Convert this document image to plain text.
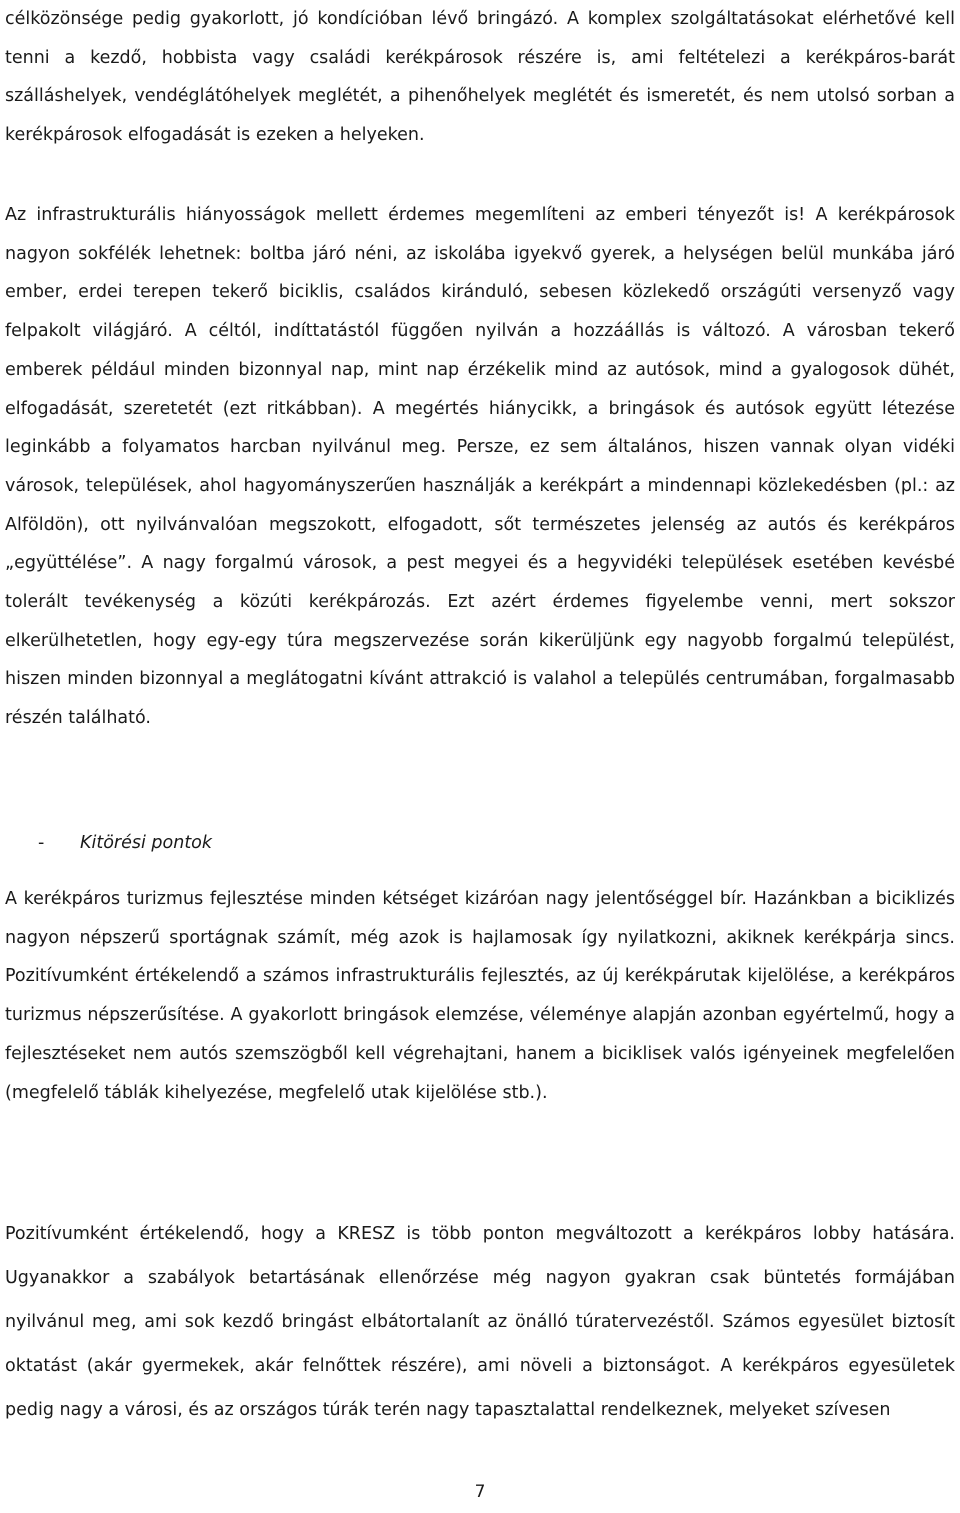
célközönsége pedig gyakorlott, jó kondícióban lévő bringázó. A komplex szolgáltatásokat elérhetővé kell tenni a kezdő, hobbista vagy családi kerékpárosok részére is, ami feltételezi a kerékpáros-barát szálláshelyek, vendéglátóhelyek meglétét, a pihenőhelyek meglétét és ismeretét, és nem utolsó sorban a kerékpárosok elfogadását is ezeken a helyeken.

Az infrastrukturális hiányosságok mellett érdemes megemlíteni az emberi tényezőt is! A kerékpárosok nagyon sokfélék lehetnek: boltba járó néni, az iskolába igyekvő gyerek, a helységen belül munkába járó ember, erdei terepen tekerő biciklis, családos kiránduló, sebesen közlekedő országúti versenyző vagy felpakolt világjáró. A céltól, indíttatástól függően nyilván a hozzáállás is változó. A városban tekerő emberek például minden bizonnyal nap, mint nap érzékelik mind az autósok, mind a gyalogosok dühét, elfogadását, szeretetét (ezt ritkábban). A megértés hiánycikk, a bringások és autósok együtt létezése leginkább a folyamatos harcban nyilvánul meg. Persze, ez sem általános, hiszen vannak olyan vidéki városok, települések, ahol hagyományszerűen használják a kerékpárt a mindennapi közlekedésben (pl.: az Alföldön), ott nyilvánvalóan megszokott, elfogadott, sőt természetes jelenség az autós és kerékpáros „együttélése”. A nagy forgalmú városok, a pest megyei és a hegyvidéki települések esetében kevésbé tolerált tevékenység a közúti kerékpározás. Ezt azért érdemes figyelembe venni, mert sokszor elkerülhetetlen, hogy egy-egy túra megszervezése során kikerüljünk egy nagyobb forgalmú települést, hiszen minden bizonnyal a meglátogatni kívánt attrakció is valahol a település centrumában, forgalmasabb részén található.

- Kitörési pontok

A kerékpáros turizmus fejlesztése minden kétséget kizáróan nagy jelentőséggel bír. Hazánkban a biciklizés nagyon népszerű sportágnak számít, még azok is hajlamosak így nyilatkozni, akiknek kerékpárja sincs. Pozitívumként értékelendő a számos infrastrukturális fejlesztés, az új kerékpárutak kijelölése, a kerékpáros turizmus népszerűsítése. A gyakorlott bringások elemzése, véleménye alapján azonban egyértelmű, hogy a fejlesztéseket nem autós szemszögből kell végrehajtani, hanem a biciklisek valós igényeinek megfelelően (megfelelő táblák kihelyezése, megfelelő utak kijelölése stb.).

Pozitívumként értékelendő, hogy a KRESZ is több ponton megváltozott a kerékpáros lobby hatására. Ugyanakkor a szabályok betartásának ellenőrzése még nagyon gyakran csak büntetés formájában nyilvánul meg, ami sok kezdő bringást elbátortalanít az önálló túratervezéstől. Számos egyesület biztosít oktatást (akár gyermekek, akár felnőttek részére), ami növeli a biztonságot. A kerékpáros egyesületek pedig nagy a városi, és az országos túrák terén nagy tapasztalattal rendelkeznek, melyeket szívesen

7
